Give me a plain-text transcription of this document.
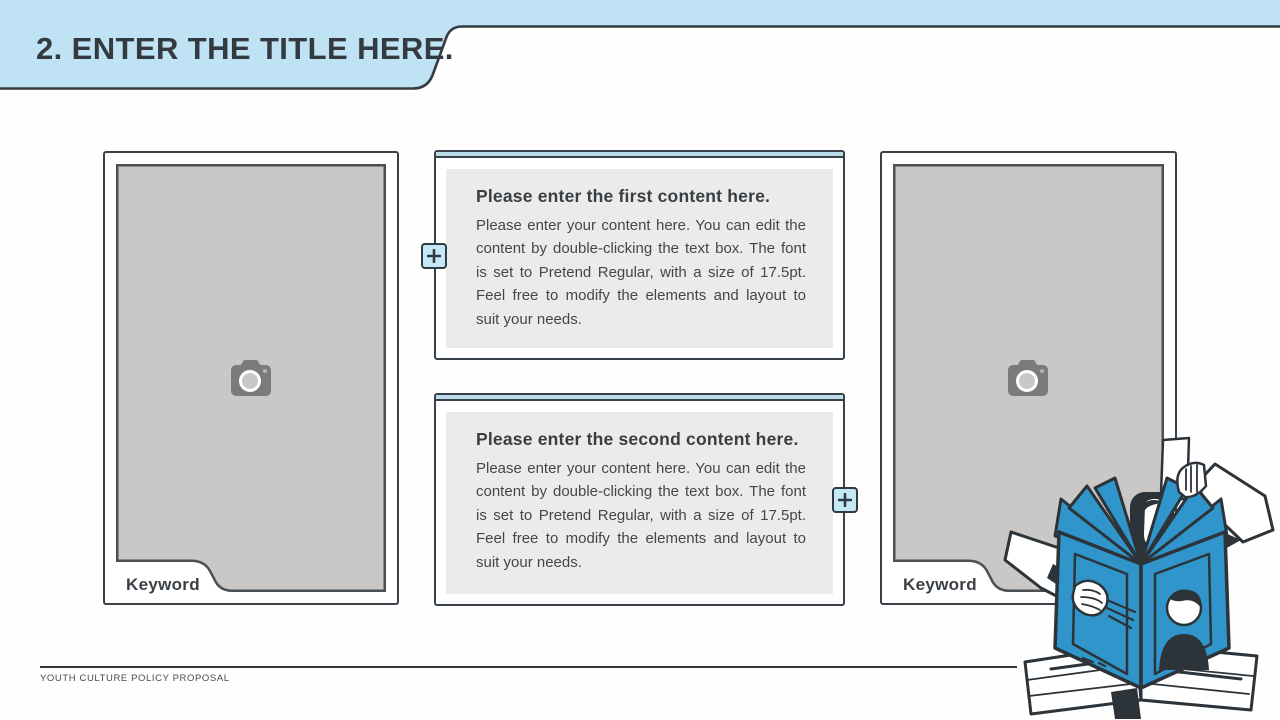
2. ENTER THE TITLE HERE.
Keyword
Please enter the first content here.
Please enter your content here. You can edit the content by double-clicking the text box. The font is set to Pretend Regular, with a size of 17.5pt. Feel free to modify the elements and layout to suit your needs.
Please enter the second content here.
Please enter your content here. You can edit the content by double-clicking the text box. The font is set to Pretend Regular, with a size of 17.5pt. Feel free to modify the elements and layout to suit your needs.
Keyword
YOUTH CULTURE POLICY PROPOSAL
